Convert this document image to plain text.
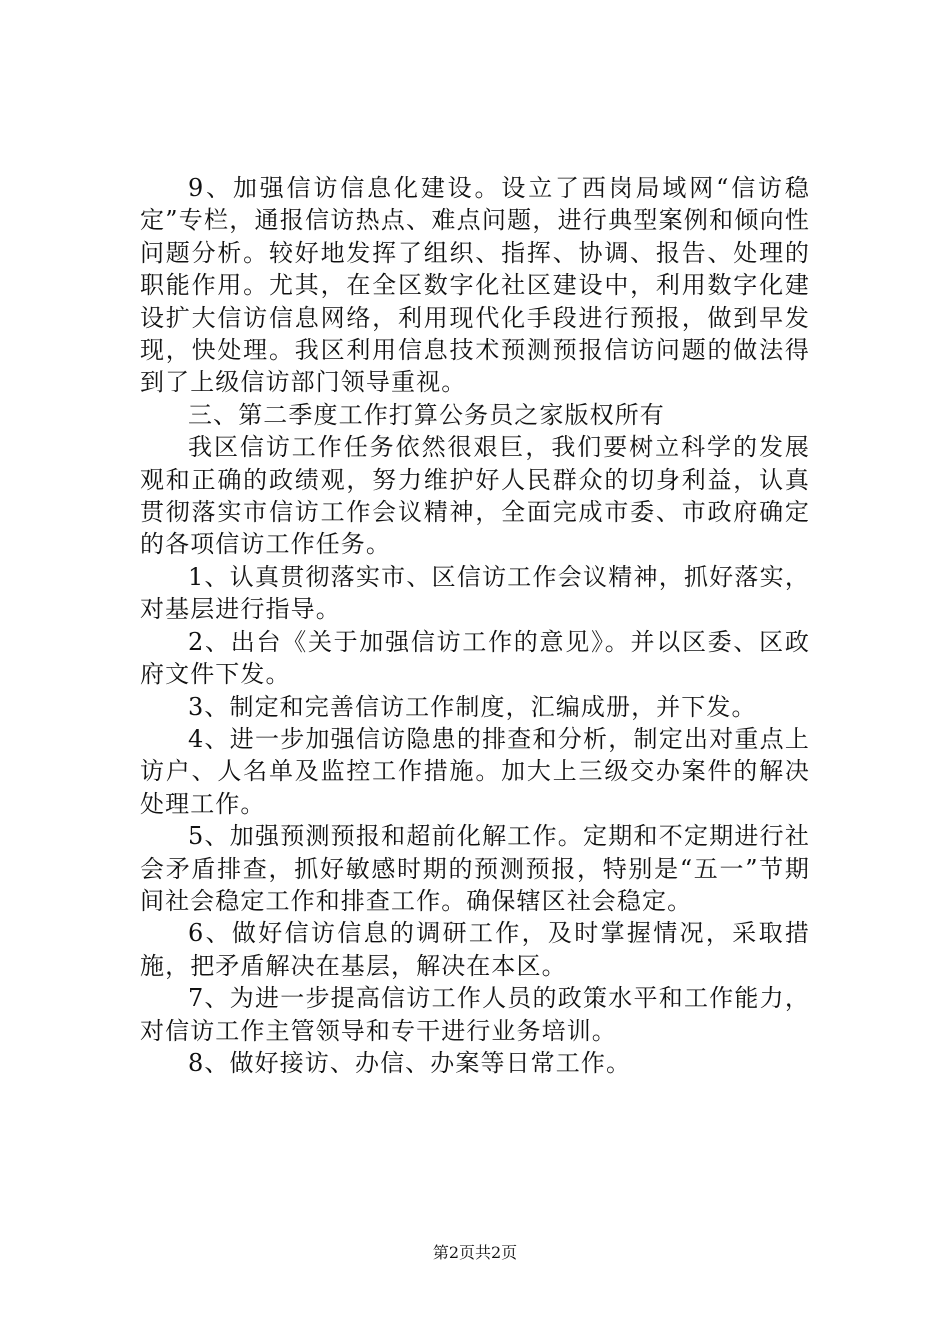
9、加强信访信息化建设。设立了西岗局域网“信访稳定”专栏，通报信访热点、难点问题，进行典型案例和倾向性问题分析。较好地发挥了组织、指挥、协调、报告、处理的职能作用。尤其，在全区数字化社区建设中，利用数字化建设扩大信访信息网络，利用现代化手段进行预报，做到早发现，快处理。我区利用信息技术预测预报信访问题的做法得到了上级信访部门领导重视。

三、第二季度工作打算公务员之家版权所有

我区信访工作任务依然很艰巨，我们要树立科学的发展观和正确的政绩观，努力维护好人民群众的切身利益，认真贯彻落实市信访工作会议精神，全面完成市委、市政府确定的各项信访工作任务。

1、认真贯彻落实市、区信访工作会议精神，抓好落实，对基层进行指导。

2、出台《关于加强信访工作的意见》。并以区委、区政府文件下发。

3、制定和完善信访工作制度，汇编成册，并下发。

4、进一步加强信访隐患的排查和分析，制定出对重点上访户、人名单及监控工作措施。加大上三级交办案件的解决处理工作。

5、加强预测预报和超前化解工作。定期和不定期进行社会矛盾排查，抓好敏感时期的预测预报，特别是“五一”节期间社会稳定工作和排查工作。确保辖区社会稳定。

6、做好信访信息的调研工作，及时掌握情况，采取措施，把矛盾解决在基层，解决在本区。

7、为进一步提高信访工作人员的政策水平和工作能力，对信访工作主管领导和专干进行业务培训。

8、做好接访、办信、办案等日常工作。

第2页共2页
